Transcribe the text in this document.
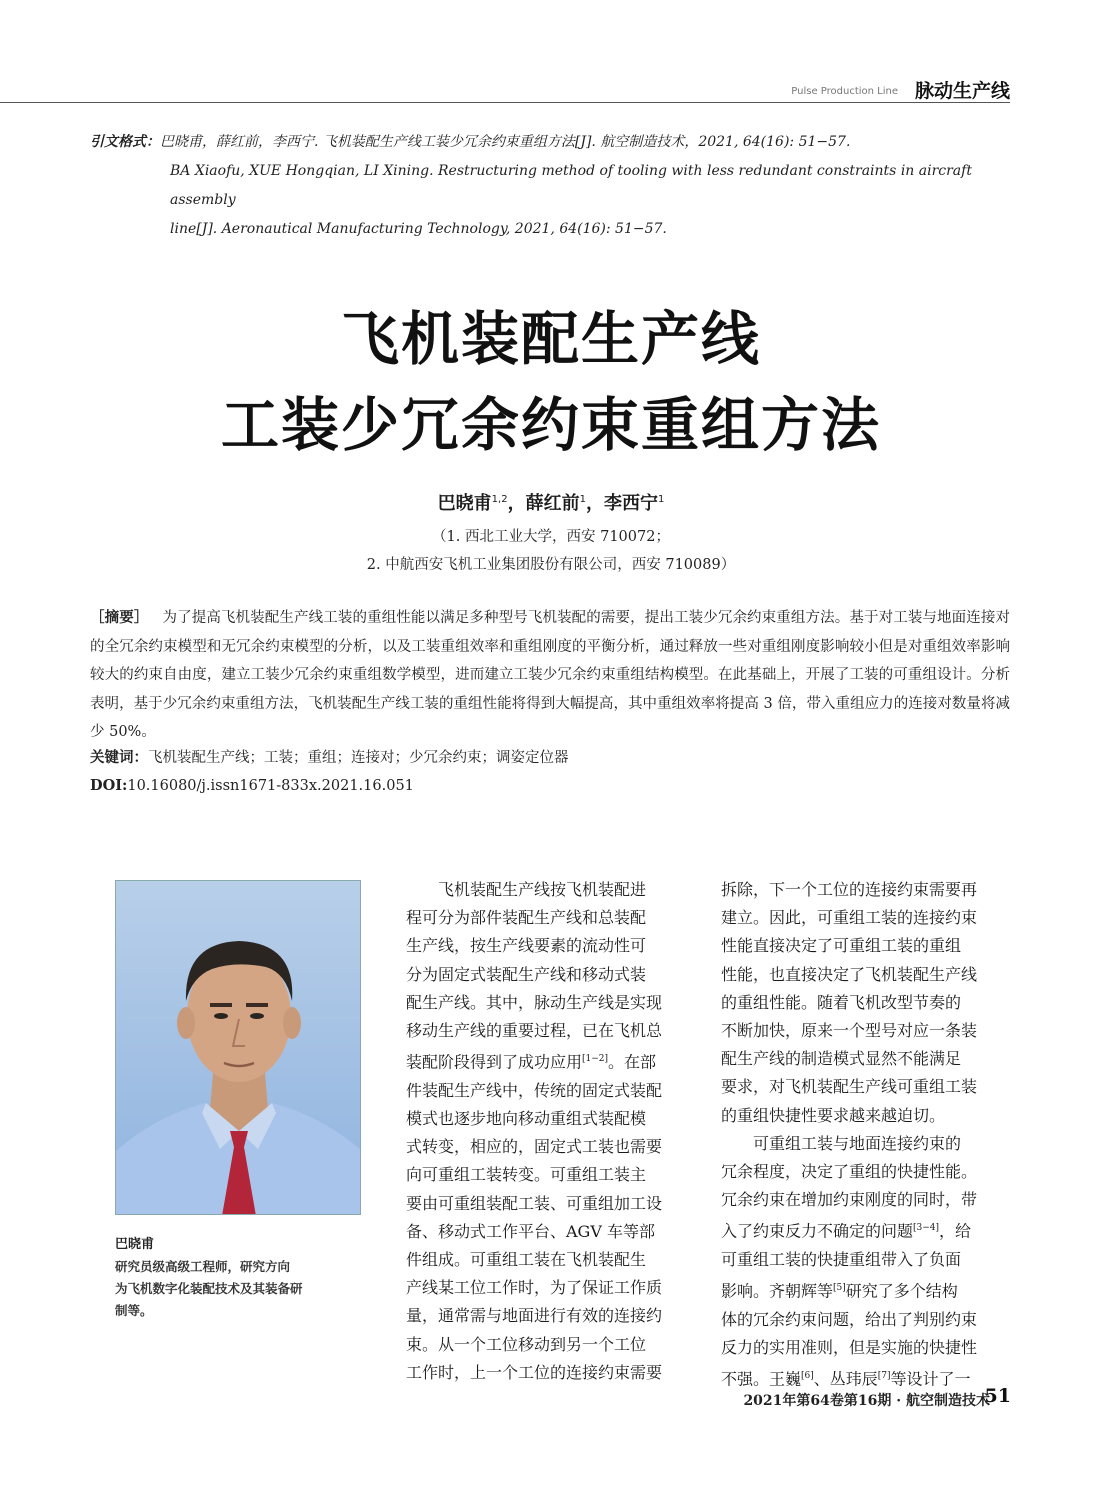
Pulse Production Line 脉动生产线
引文格式：巴晓甫，薛红前，李西宁. 飞机装配生产线工装少冗余约束重组方法[J]. 航空制造技术，2021, 64(16): 51−57.
BA Xiaofu, XUE Hongqian, LI Xining. Restructuring method of tooling with less redundant constraints in aircraft assembly
line[J]. Aeronautical Manufacturing Technology, 2021, 64(16): 51−57.
飞机装配生产线
工装少冗余约束重组方法
巴晓甫$^{1,2}$，薛红前$^1$，李西宁$^1$
（1. 西北工业大学，西安 710072；
2. 中航西安飞机工业集团股份有限公司，西安 710089）
［摘要］ 为了提高飞机装配生产线工装的重组性能以满足多种型号飞机装配的需要，提出工装少冗余约束重组方法。基于对工装与地面连接对的全冗余约束模型和无冗余约束模型的分析，以及工装重组效率和重组刚度的平衡分析，通过释放一些对重组刚度影响较小但是对重组效率影响较大的约束自由度，建立工装少冗余约束重组数学模型，进而建立工装少冗余约束重组结构模型。在此基础上，开展了工装的可重组设计。分析表明，基于少冗余约束重组方法，飞机装配生产线工装的重组性能将得到大幅提高，其中重组效率将提高 3 倍，带入重组应力的连接对数量将减少 50%。
关键词：飞机装配生产线；工装；重组；连接对；少冗余约束；调姿定位器
DOI:10.16080/j.issn1671-833x.2021.16.051
巴晓甫
研究员级高级工程师，研究方向
为飞机数字化装配技术及其装备研
制等。
　　飞机装配生产线按飞机装配进
程可分为部件装配生产线和总装配
生产线，按生产线要素的流动性可
分为固定式装配生产线和移动式装
配生产线。其中，脉动生产线是实现
移动生产线的重要过程，已在飞机总
装配阶段得到了成功应用[1−2]。在部
件装配生产线中，传统的固定式装配
模式也逐步地向移动重组式装配模
式转变，相应的，固定式工装也需要
向可重组工装转变。可重组工装主
要由可重组装配工装、可重组加工设
备、移动式工作平台、AGV 车等部
件组成。可重组工装在飞机装配生
产线某工位工作时，为了保证工作质
量，通常需与地面进行有效的连接约
束。从一个工位移动到另一个工位
工作时，上一个工位的连接约束需要
拆除，下一个工位的连接约束需要再
建立。因此，可重组工装的连接约束
性能直接决定了可重组工装的重组
性能，也直接决定了飞机装配生产线
的重组性能。随着飞机改型节奏的
不断加快，原来一个型号对应一条装
配生产线的制造模式显然不能满足
要求，对飞机装配生产线可重组工装
的重组快捷性要求越来越迫切。
　　可重组工装与地面连接约束的
冗余程度，决定了重组的快捷性能。
冗余约束在增加约束刚度的同时，带
入了约束反力不确定的问题[3−4]，给
可重组工装的快捷重组带入了负面
影响。齐朝辉等[5]研究了多个结构
体的冗余约束问题，给出了判别约束
反力的实用准则，但是实施的快捷性
不强。王巍[6]、丛玮辰[7]等设计了一
2021年第64卷第16期 · 航空制造技术
51
